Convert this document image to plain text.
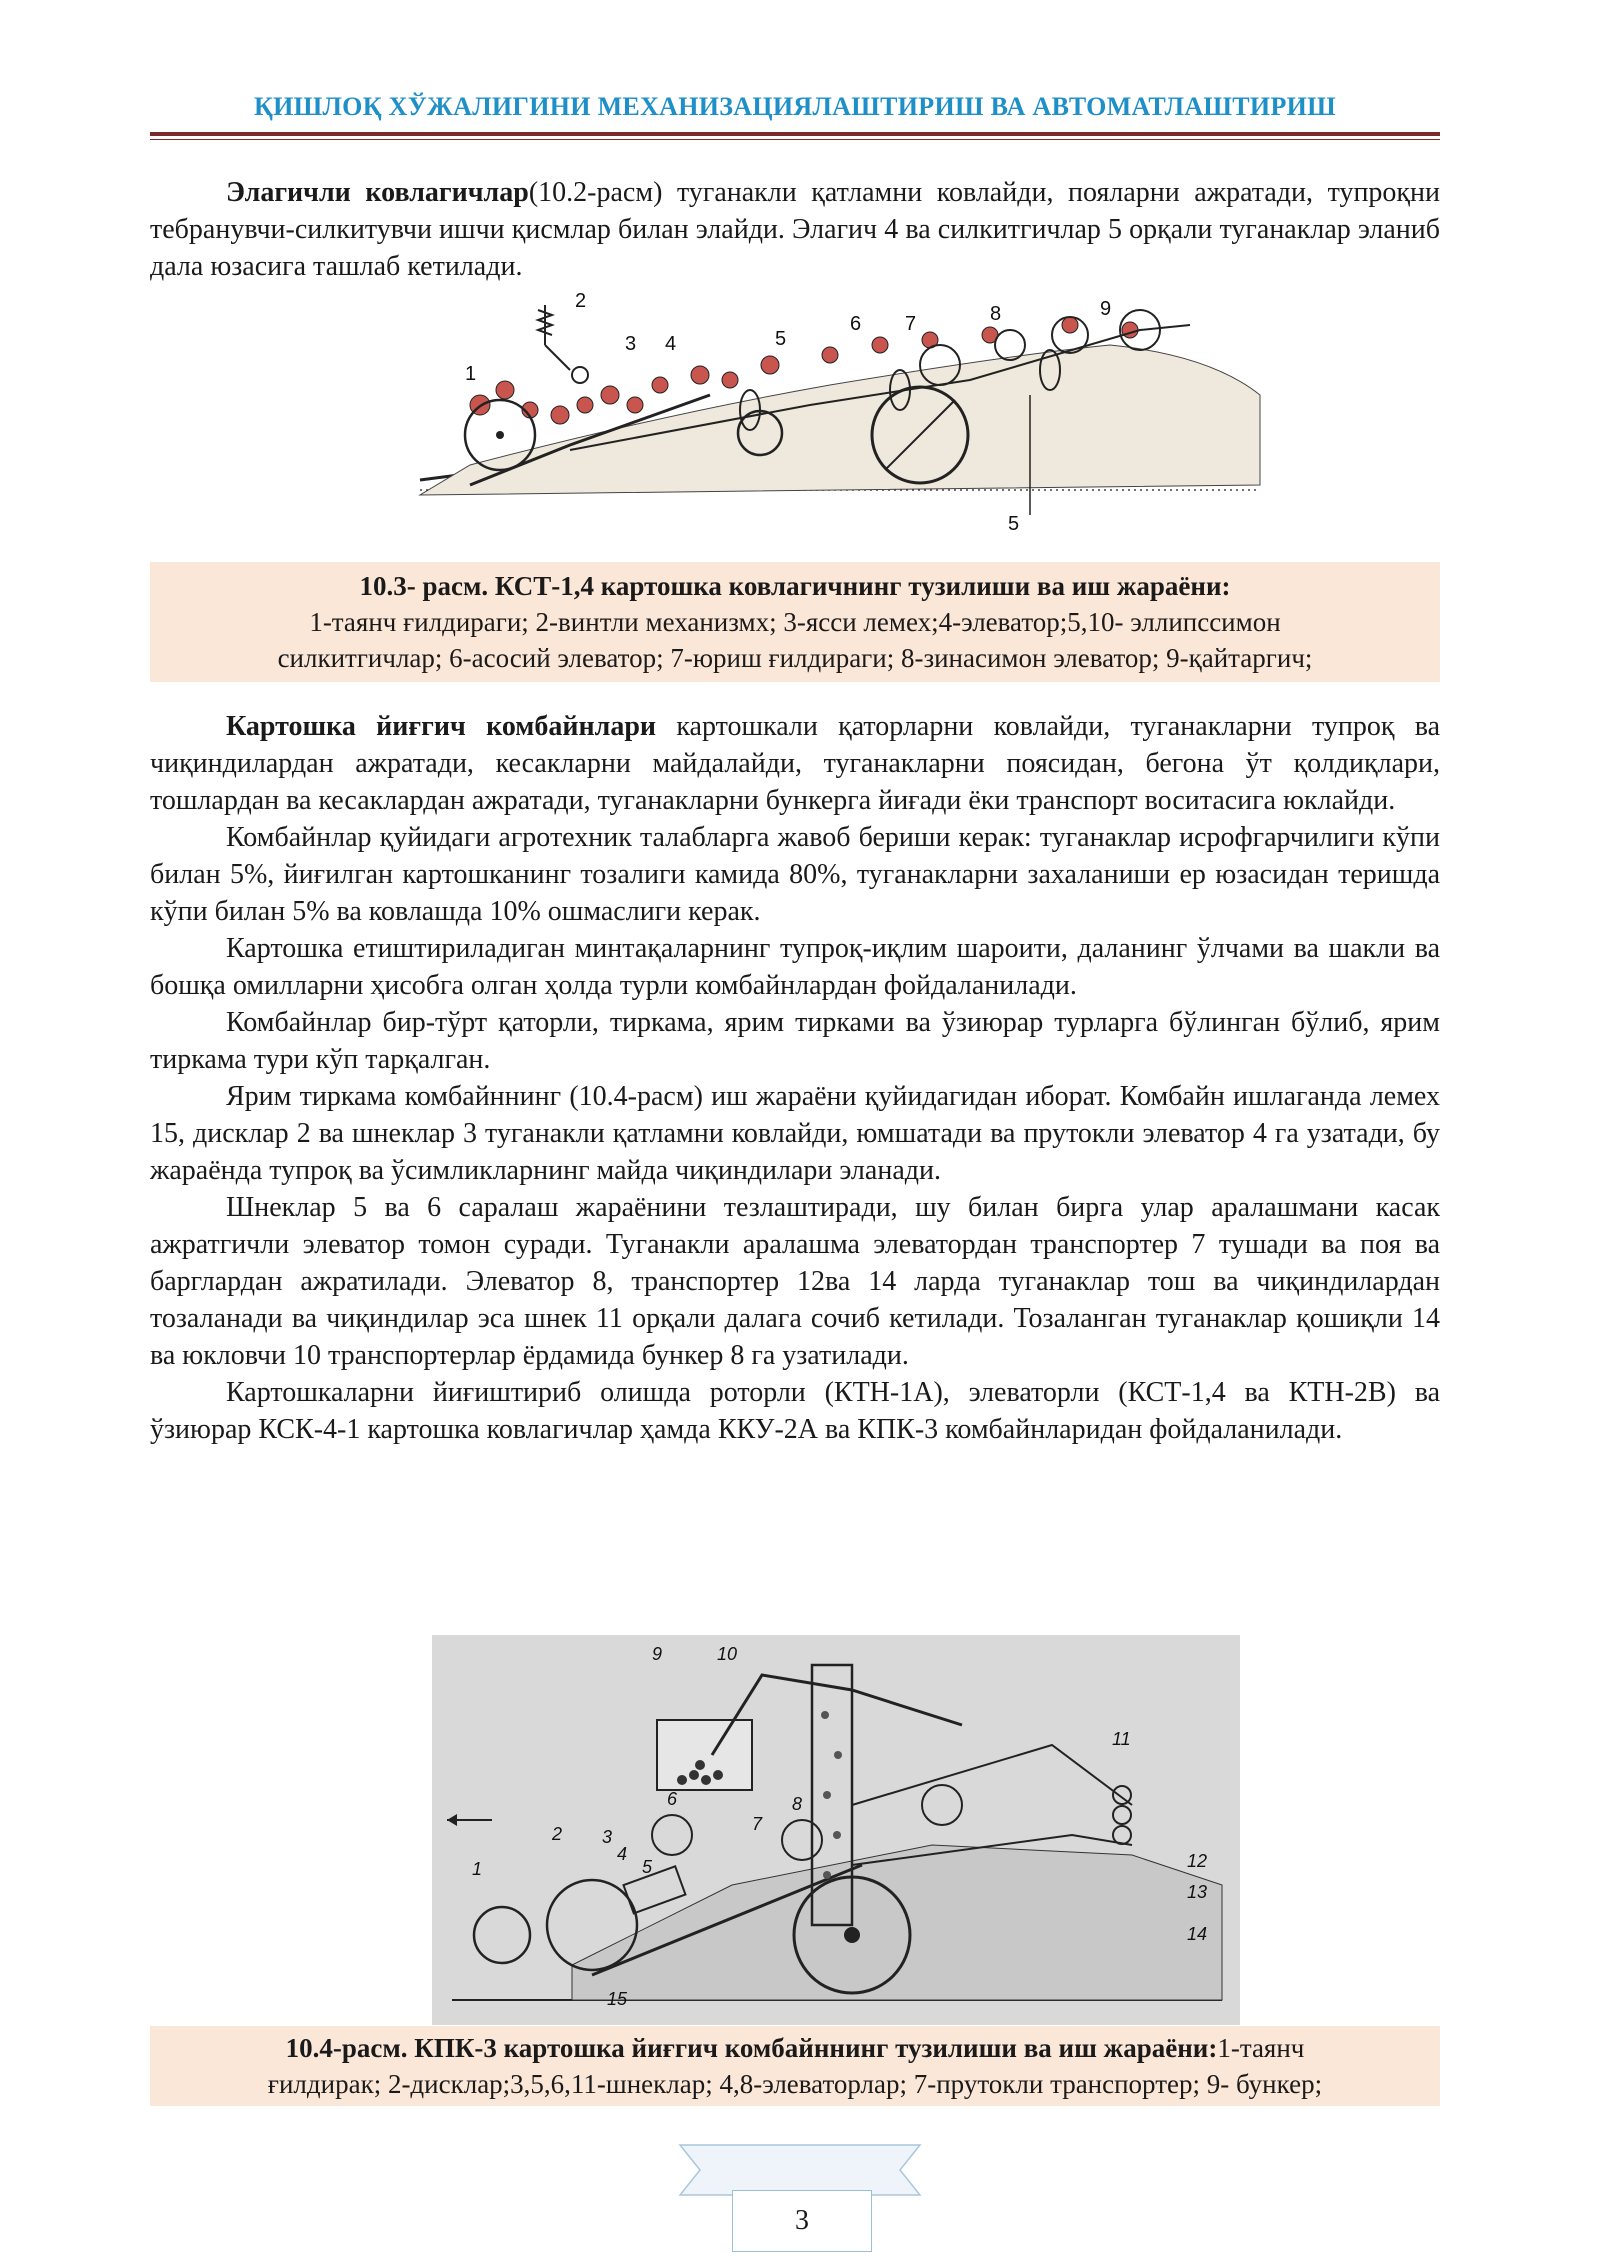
ҚИШЛОҚ ХЎЖАЛИГИНИ МЕХАНИЗАЦИЯЛАШТИРИШ ВА АВТОМАТЛАШТИРИШ

Элагичли ковлагичлар(10.2-расм) туганакли қатламни ковлайди, пояларни ажратади, тупроқни тебранувчи-силкитувчи ишчи қисмлар билан элайди. Элагич 4 ва силкитгичлар 5 орқали туганаклар эланиб дала юзасига ташлаб кетилади.

1
2
3 4	5
6 7	8	9
5
10.3- расм. КСТ-1,4 картошка ковлагичнинг тузилиши ва иш жараёни:
1-таянч ғилдираги; 2-винтли механизмх; 3-ясси лемех;4-элеватор;5,10- эллипссимон
силкитгичлар; 6-асосий элеватор; 7-юриш ғилдираги; 8-зинасимон элеватор; 9-қайтаргич;

Картошка йиғгич комбайнлари картошкали қаторларни ковлайди, туганакларни тупроқ ва чиқиндилардан ажратади, кесакларни майдалайди, туганакларни поясидан, бегона ўт қолдиқлари, тошлардан ва кесаклардан ажратади, туганакларни бункерга йиғади ёки транспорт воситасига юклайди.

Комбайнлар қуйидаги агротехник талабларга жавоб бериши керак: туганаклар исрофгарчилиги кўпи билан 5%, йиғилган картошканинг тозалиги камида 80%, туганакларни захаланиши ер юзасидан теришда кўпи билан 5% ва ковлашда 10% ошмаслиги керак.

Картошка етиштириладиган минтақаларнинг тупроқ-иқлим шароити, даланинг ўлчами ва шакли ва бошқа омилларни ҳисобга олган ҳолда турли комбайнлардан фойдаланилади.

Комбайнлар бир-тўрт қаторли, тиркама, ярим тирками ва ўзиюрар турларга бўлинган бўлиб, ярим тиркама тури кўп тарқалган.

Ярим тиркама комбайннинг (10.4-расм) иш жараёни қуйидагидан иборат. Комбайн ишлаганда лемех 15, дисклар 2 ва шнеклар 3 туганакли қатламни ковлайди, юмшатади ва прутокли элеватор 4 га узатади, бу жараёнда тупроқ ва ўсимликларнинг майда чиқиндилари эланади.

Шнеклар 5 ва 6 саралаш жараёнини тезлаштиради, шу билан бирга улар аралашмани касак ажратгичли элеватор томон суради. Туганакли аралашма элеватордан транспортер 7 тушади ва поя ва барглардан ажратилади. Элеватор 8, транспортер 12ва 14 ларда туганаклар тош ва чиқиндилардан тозаланади ва чиқиндилар эса шнек 11 орқали далага сочиб кетилади. Тозаланган туганаклар қошиқли 14 ва юкловчи 10 транспортерлар ёрдамида бункер 8 га узатилади.

Картошкаларни йиғиштириб олишда роторли (КТН-1А), элеваторли (КСТ-1,4 ва КТН-2В) ва ўзиюрар КСК-4-1 картошка ковлагичлар ҳамда ККУ-2А ва КПК-3 комбайнларидан фойдаланилади.

1
2 3
4
5
6
7
8
9	10
11
12
13
14
15
10.4-расм. КПК-3 картошка йиғгич комбайннинг тузилиши ва иш жараёни:1-таянч
ғилдирак; 2-дисклар;3,5,6,11-шнеклар; 4,8-элеваторлар; 7-прутокли транспортер; 9- бункер;
3
